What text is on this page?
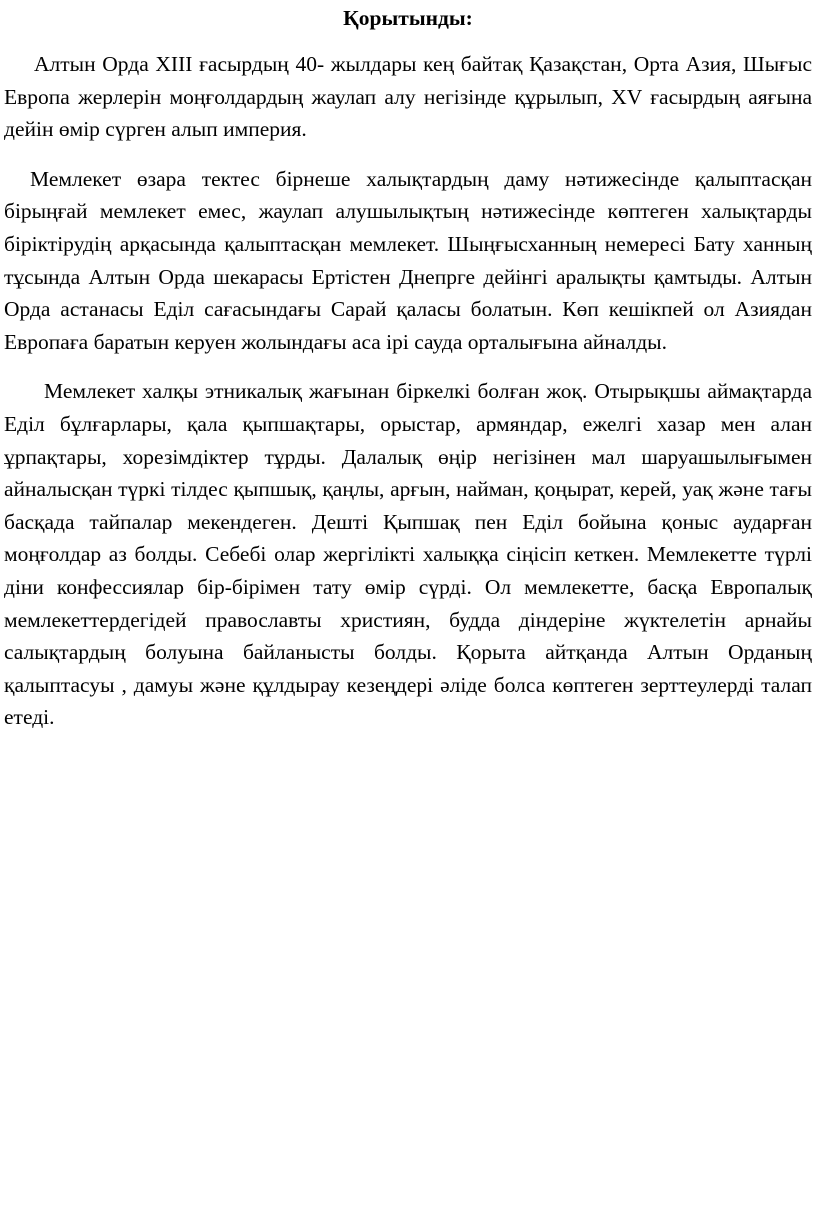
Қорытынды:

Алтын Орда XIII ғасырдың 40- жылдары кең байтақ Қазақстан, Орта Азия, Шығыс Европа жерлерін моңғолдардың жаулап алу негізінде құрылып, XV ғасырдың аяғына дейін өмір сүрген алып империя.

Мемлекет өзара тектес бірнеше халықтардың даму нәтижесінде қалыптасқан бірыңғай мемлекет емес, жаулап алушылықтың нәтижесінде көптеген халықтарды біріктірудің арқасында қалыптасқан мемлекет. Шыңғысханның немересі Бату ханның тұсында Алтын Орда шекарасы Ертістен Днепрге дейінгі аралықты қамтыды. Алтын Орда астанасы Еділ сағасындағы Сарай қаласы болатын. Көп кешікпей ол Азиядан Европаға баратын керуен жолындағы аса ірі сауда орталығына айналды.

Мемлекет халқы этникалық жағынан біркелкі болған жоқ. Отырықшы аймақтарда Еділ бұлғарлары, қала қыпшақтары, орыстар, армяндар, ежелгі хазар мен алан ұрпақтары, хорезімдіктер тұрды. Далалық өңір негізінен мал шаруашылығымен айналысқан түркі тілдес қыпшық, қаңлы, арғын, найман, қоңырат, керей, уақ және тағы басқада тайпалар мекендеген. Дешті Қыпшақ пен Еділ бойына қоныс аударған моңғолдар аз болды. Себебі олар жергілікті халыққа сіңісіп кеткен. Мемлекетте түрлі діни конфессиялар бір-бірімен тату өмір сүрді. Ол мемлекетте, басқа Европалық мемлекеттердегідей православты християн, будда діндеріне жүктелетін арнайы салықтардың болуына байланысты болды. Қорыта айтқанда Алтын Орданың қалыптасуы , дамуы және құлдырау кезеңдері әліде болса көптеген зерттеулерді талап етеді.
